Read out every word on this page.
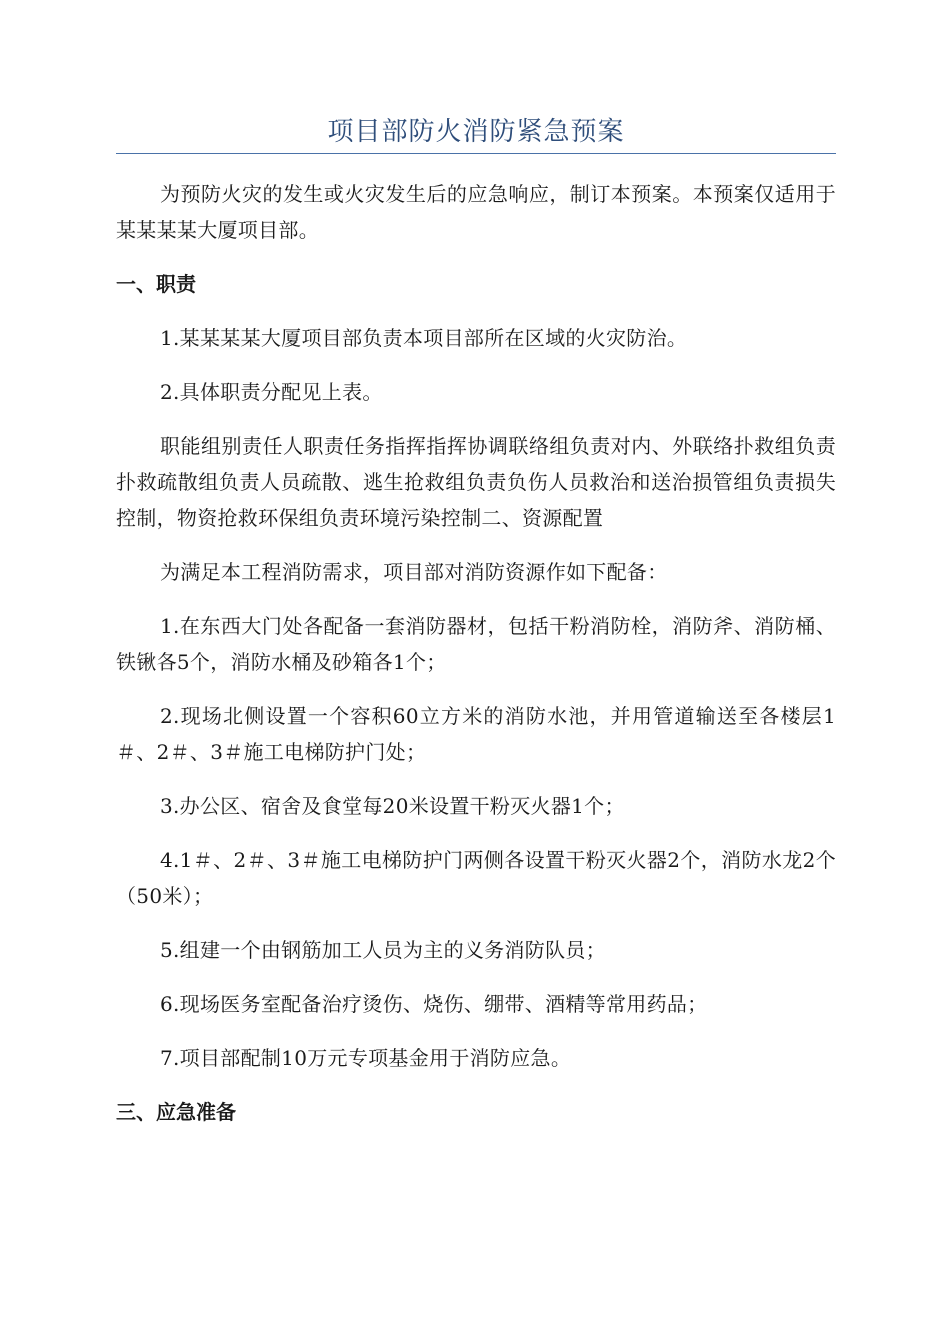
项目部防火消防紧急预案

为预防火灾的发生或火灾发生后的应急响应，制订本预案。本预案仅适用于某某某某大厦项目部。

一、职责

1.某某某某大厦项目部负责本项目部所在区域的火灾防治。

2.具体职责分配见上表。

职能组别责任人职责任务指挥指挥协调联络组负责对内、外联络扑救组负责扑救疏散组负责人员疏散、逃生抢救组负责负伤人员救治和送治损管组负责损失控制，物资抢救环保组负责环境污染控制二、资源配置

为满足本工程消防需求，项目部对消防资源作如下配备：

1.在东西大门处各配备一套消防器材，包括干粉消防栓，消防斧、消防桶、铁锹各5个，消防水桶及砂箱各1个；

2.现场北侧设置一个容积60立方米的消防水池，并用管道输送至各楼层1＃、2＃、3＃施工电梯防护门处；

3.办公区、宿舍及食堂每20米设置干粉灭火器1个；

4.1＃、2＃、3＃施工电梯防护门两侧各设置干粉灭火器2个，消防水龙2个（50米）；

5.组建一个由钢筋加工人员为主的义务消防队员；

6.现场医务室配备治疗烫伤、烧伤、绷带、酒精等常用药品；

7.项目部配制10万元专项基金用于消防应急。

三、应急准备
